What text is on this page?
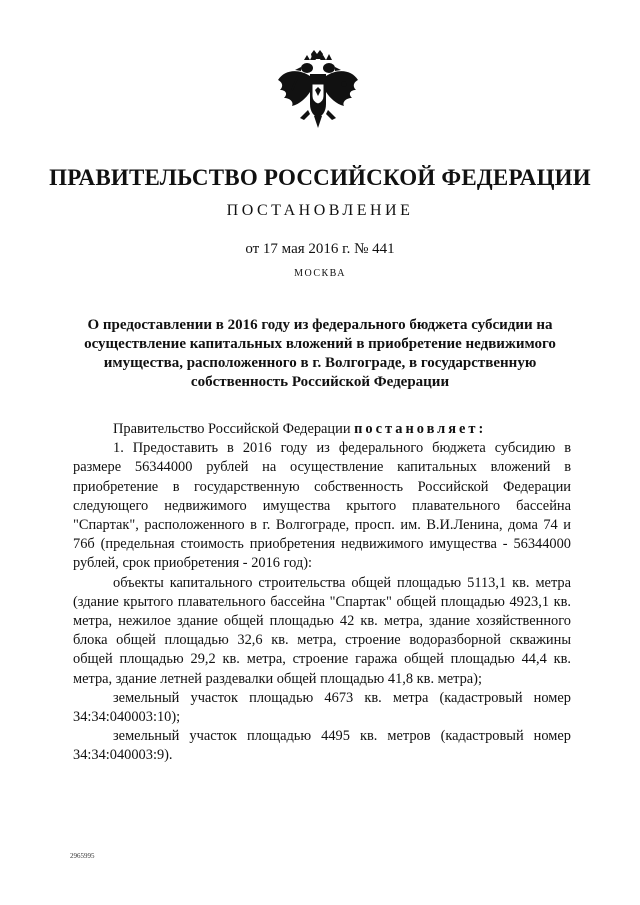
ПРАВИТЕЛЬСТВО РОССИЙСКОЙ ФЕДЕРАЦИИ
ПОСТАНОВЛЕНИЕ
от 17 мая 2016 г. № 441
МОСКВА
О предоставлении в 2016 году из федерального бюджета субсидии на
осуществление капитальных вложений в приобретение недвижимого
имущества, расположенного в г. Волгограде, в государственную
собственность Российской Федерации

Правительство Российской Федерации постановляет:

1. Предоставить в 2016 году из федерального бюджета субсидию в размере 56344000 рублей на осуществление капитальных вложений в приобретение в государственную собственность Российской Федерации следующего недвижимого имущества крытого плавательного бассейна "Спартак", расположенного в г. Волгограде, просп. им. В.И.Ленина, дома 74 и 76б (предельная стоимость приобретения недвижимого имущества - 56344000 рублей, срок приобретения - 2016 год):

объекты капитального строительства общей площадью 5113,1 кв. метра (здание крытого плавательного бассейна "Спартак" общей площадью 4923,1 кв. метра, нежилое здание общей площадью 42 кв. метра, здание хозяйственного блока общей площадью 32,6 кв. метра, строение водоразборной скважины общей площадью 29,2 кв. метра, строение гаража общей площадью 44,4 кв. метра, здание летней раздевалки общей площадью 41,8 кв. метра);

земельный участок площадью 4673 кв. метра (кадастровый номер 34:34:040003:10);

земельный участок площадью 4495 кв. метров (кадастровый номер 34:34:040003:9).

2965995
